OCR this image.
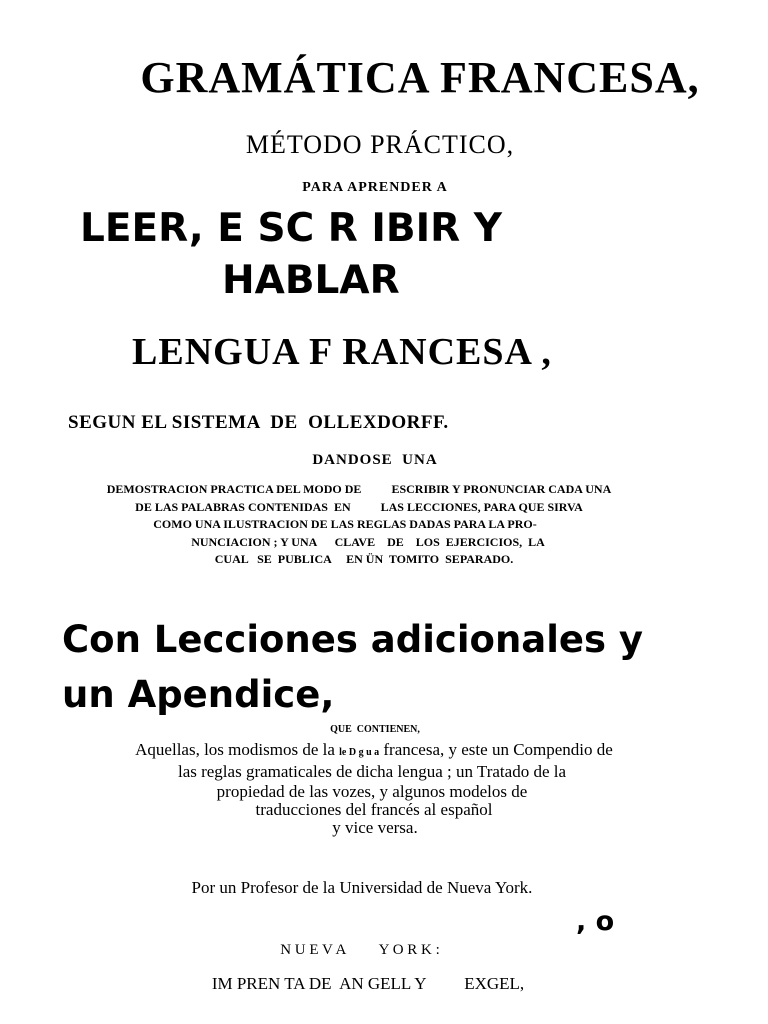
GRAMÁTICA FRANCESA,
MÉTODO PRÁCTICO,
PARA APRENDER A
LEER, E SC R IBIR Y
HABLAR
LENGUA F RANCESA ,
SEGUN EL SISTEMA  DE  OLLEXDORFF.
DANDOSE  UNA
DEMOSTRACION PRACTICA DEL MODO DE          ESCRIBIR Y PRONUNCIAR CADA UNA
DE LAS PALABRAS CONTENIDAS  EN          LAS LECCIONES, PARA QUE SIRVA
COMO UNA ILUSTRACION DE LAS REGLAS DADAS PARA LA PRO-
NUNCIACION ; Y UNA      CLAVE    DE    LOS  EJERCICIOS,  LA
CUAL   SE  PUBLICA     EN ÜN  TOMITO  SEPARADO.
Con Lecciones adicionales y
un Apendice,
QUE  CONTIENEN,
Aquellas, los modismos de la le D g u a francesa, y este un Compendio de
las reglas gramaticales de dicha lengua ; un Tratado de la
propiedad de las vozes, y algunos modelos de
traducciones del francés al español
y vice versa.
Por un Profesor de la Universidad de Nueva York.
, o
N U E V A         Y O R K :
IM PREN TA DE  AN GELL Y         EXGEL,
